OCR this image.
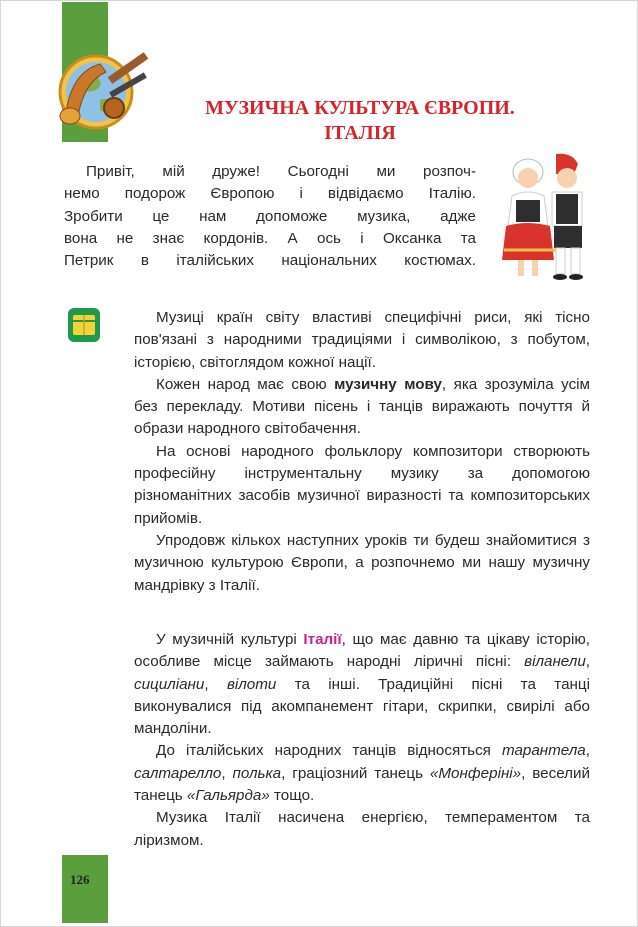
МУЗИЧНА КУЛЬТУРА ЄВРОПИ.
ІТАЛІЯ

Привіт, мій друже! Сьогодні ми розпоч-
немо подорож Європою і відвідаємо Італію.
Зробити це нам допоможе музика, адже
вона не знає кордонів. А ось і Оксанка та
Петрик в італійських національних костюмах.

Музиці країн світу властиві специфічні риси, які тісно пов'язані з народними традиціями і символікою, з побутом, історією, світоглядом кожної нації.

Кожен народ має свою музичну мову, яка зрозуміла усім без перекладу. Мотиви пісень і танців виражають почуття й образи народного світобачення.

На основі народного фольклору композитори створюють професійну інструментальну музику за допомогою різноманітних засобів музичної виразності та композиторських прийомів.

Упродовж кількох наступних уроків ти будеш знайомитися з музичною культурою Європи, а розпочнемо ми нашу музичну мандрівку з Італії.

У музичній культурі Італії, що має давню та цікаву історію, особливе місце займають народні ліричні пісні: віланели, сициліани, вілоти та інші. Традиційні пісні та танці виконувалися під акомпанемент гітари, скрипки, свирілі або мандоліни.

До італійських народних танців відносяться тарантела, салтарелло, полька, граціозний танець «Монферіні», веселий танець «Гальярда» тощо.

Музика Італії насичена енергією, темпераментом та ліризмом.

126
